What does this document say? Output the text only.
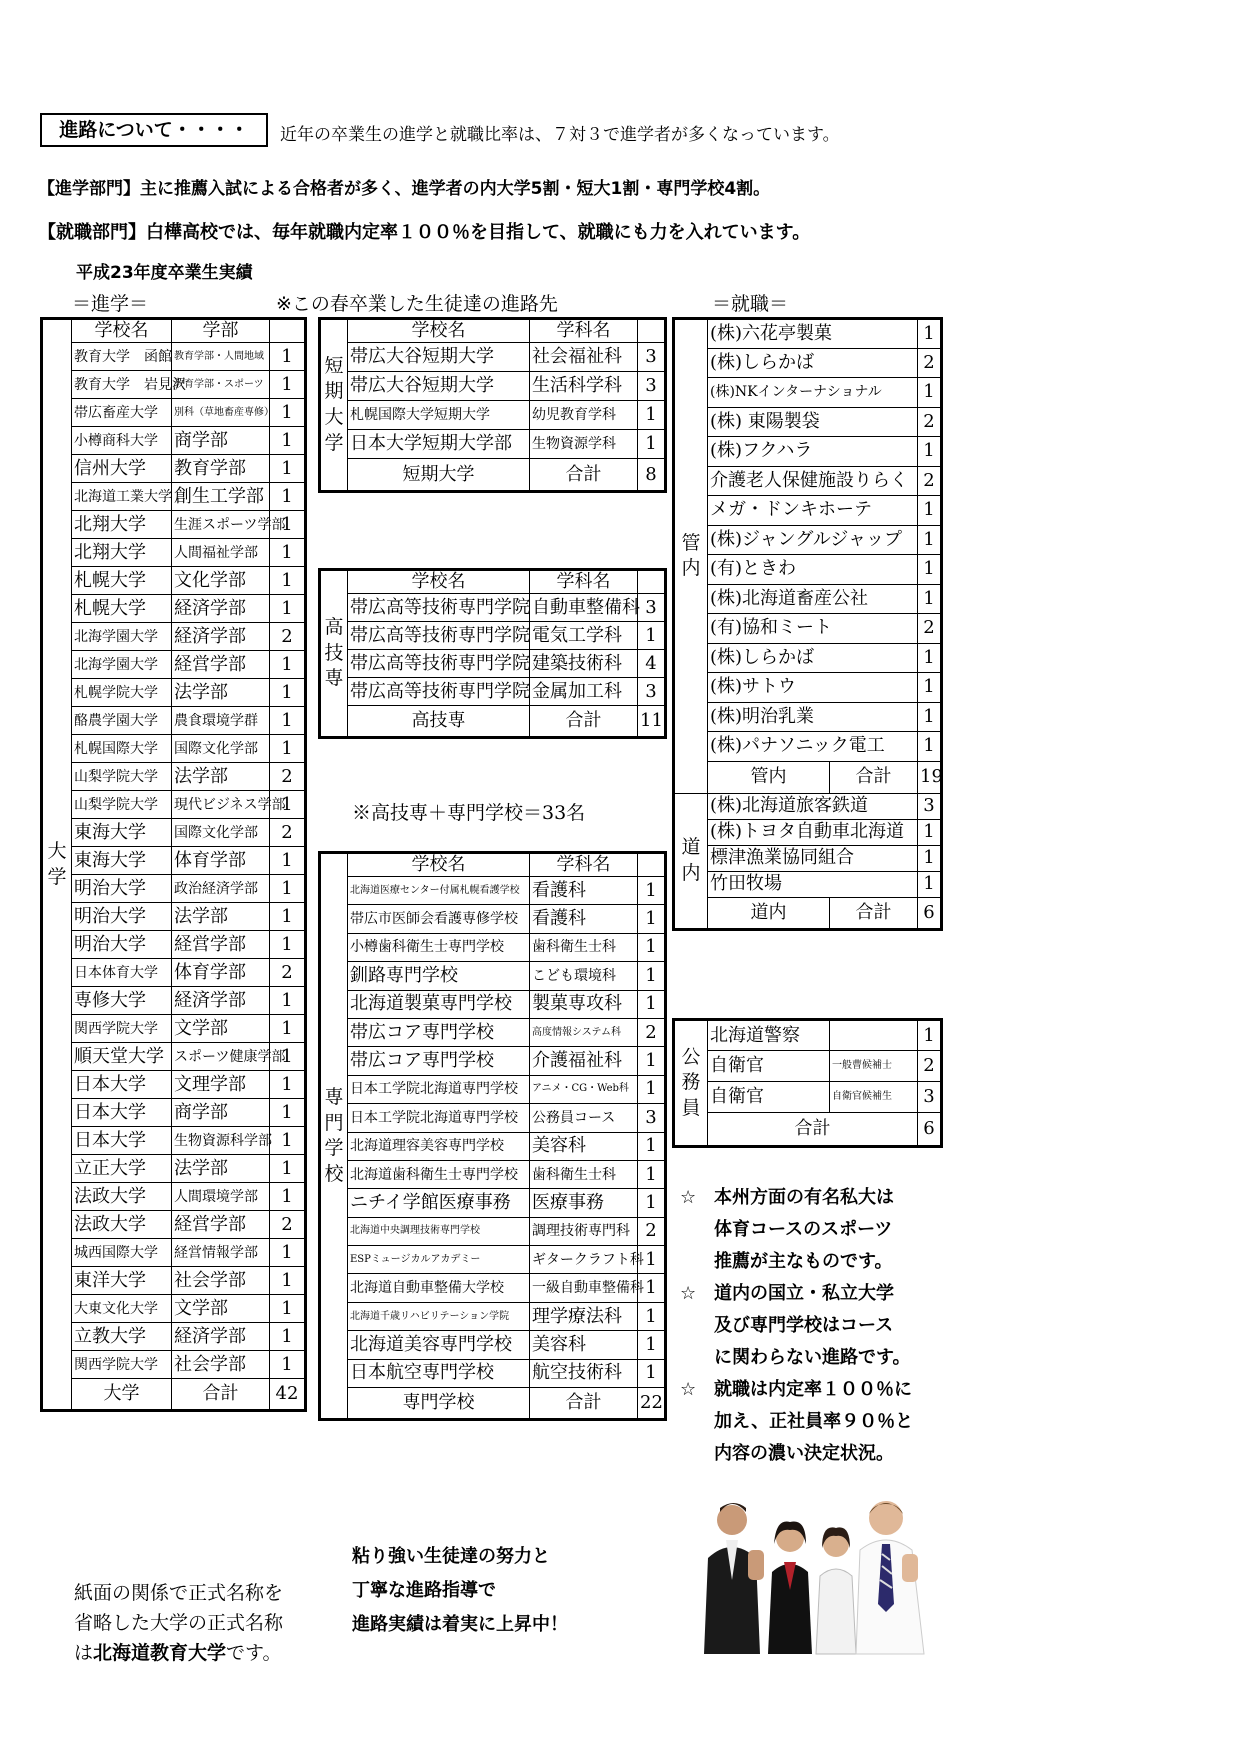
進路について・・・・	近年の卒業生の進学と就職比率は、７対３で進学者が多くなっています。
【進学部門】主に推薦入試による合格者が多く、進学者の内大学5割・短大1割・専門学校4割。
【就職部門】白樺高校では、毎年就職内定率１００％を目指して、就職にも力を入れています。
平成23年度卒業生実績
＝進学＝	※この春卒業した生徒達の進路先	＝就職＝
大
学	学校名	学部	
	教育大学　函館	教育学部・人間地域	1
	教育大学　岩見沢	教育学部・スポーツ	1
	帯広畜産大学	別科（草地畜産専修）	1
	小樽商科大学	商学部	1
	信州大学	教育学部	1
	北海道工業大学	創生工学部	1
	北翔大学	生涯スポーツ学部	1
	北翔大学	人間福祉学部	1
	札幌大学	文化学部	1
	札幌大学	経済学部	1
	北海学園大学	経済学部	2
	北海学園大学	経営学部	1
	札幌学院大学	法学部	1
	酪農学園大学	農食環境学群	1
	札幌国際大学	国際文化学部	1
	山梨学院大学	法学部	2
	山梨学院大学	現代ビジネス学部	1
	東海大学	国際文化学部	2
	東海大学	体育学部	1
	明治大学	政治経済学部	1
	明治大学	法学部	1
	明治大学	経営学部	1
	日本体育大学	体育学部	2
	専修大学	経済学部	1
	関西学院大学	文学部	1
	順天堂大学	スポーツ健康学部	1
	日本大学	文理学部	1
	日本大学	商学部	1
	日本大学	生物資源科学部	1
	立正大学	法学部	1
	法政大学	人間環境学部	1
	法政大学	経営学部	2
	城西国際大学	経営情報学部	1
	東洋大学	社会学部	1
	大東文化大学	文学部	1
	立教大学	経済学部	1
	関西学院大学	社会学部	1
	大学	合計	42
紙面の関係で正式名称を
省略した大学の正式名称
は北海道教育大学です。
短
期
大
学	学校名	学科名	
	帯広大谷短期大学	社会福祉科	3
	帯広大谷短期大学	生活科学科	3
	札幌国際大学短期大学	幼児教育学科	1
	日本大学短期大学部	生物資源学科	1
	短期大学	合計	8
高
技
専	学校名	学科名	
	帯広高等技術専門学院	自動車整備科	3
	帯広高等技術専門学院	電気工学科	1
	帯広高等技術専門学院	建築技術科	4
	帯広高等技術専門学院	金属加工科	3
	高技専	合計	11
※高技専＋専門学校＝33名
専
門
学
校	学校名	学科名	
	北海道医療センター付属札幌看護学校	看護科	1
	帯広市医師会看護専修学校	看護科	1
	小樽歯科衛生士専門学校	歯科衛生士科	1
	釧路専門学校	こども環境科	1
	北海道製菓専門学校	製菓専攻科	1
	帯広コア専門学校	高度情報システム科	2
	帯広コア専門学校	介護福祉科	1
	日本工学院北海道専門学校	アニメ・CG・Web科	1
	日本工学院北海道専門学校	公務員コース	3
	北海道理容美容専門学校	美容科	1
	北海道歯科衛生士専門学校	歯科衛生士科	1
	ニチイ学館医療事務	医療事務	1
	北海道中央調理技術専門学校	調理技術専門科	2
	ESPミュージカルアカデミー	ギタークラフト科	1
	北海道自動車整備大学校	一級自動車整備科	1
	北海道千歳リハビリテーション学院	理学療法科	1
	北海道美容専門学校	美容科	1
	日本航空専門学校	航空技術科	1
	専門学校	合計	22
管
内	(株)六花亭製菓		1
	(株)しらかば		2
	(株)NKインターナショナル		1
	(株) 東陽製袋		2
	(株)フクハラ		1
	介護老人保健施設りらく		2
	メガ・ドンキホーテ		1
	(株)ジャングルジャップ		1
	(有)ときわ		1
	(株)北海道畜産公社		1
	(有)協和ミート		2
	(株)しらかば		1
	(株)サトウ		1
	(株)明治乳業		1
	(株)パナソニック電工		1
	管内	合計	19

道
内	(株)北海道旅客鉄道		3
	(株)トヨタ自動車北海道		1
	標津漁業協同組合		1
	竹田牧場		1
	道内	合計	6
公
務
員	北海道警察		1
	自衛官	一般曹候補士	2
	自衛官	自衛官候補生	3
	合計		6
☆ 本州方面の有名私大は
体育コースのスポーツ
推薦が主なものです。
☆ 道内の国立・私立大学
及び専門学校はコース
に関わらない進路です。
☆ 就職は内定率１００％に
加え、正社員率９０％と
内容の濃い決定状況。
粘り強い生徒達の努力と
丁寧な進路指導で
進路実績は着実に上昇中！
